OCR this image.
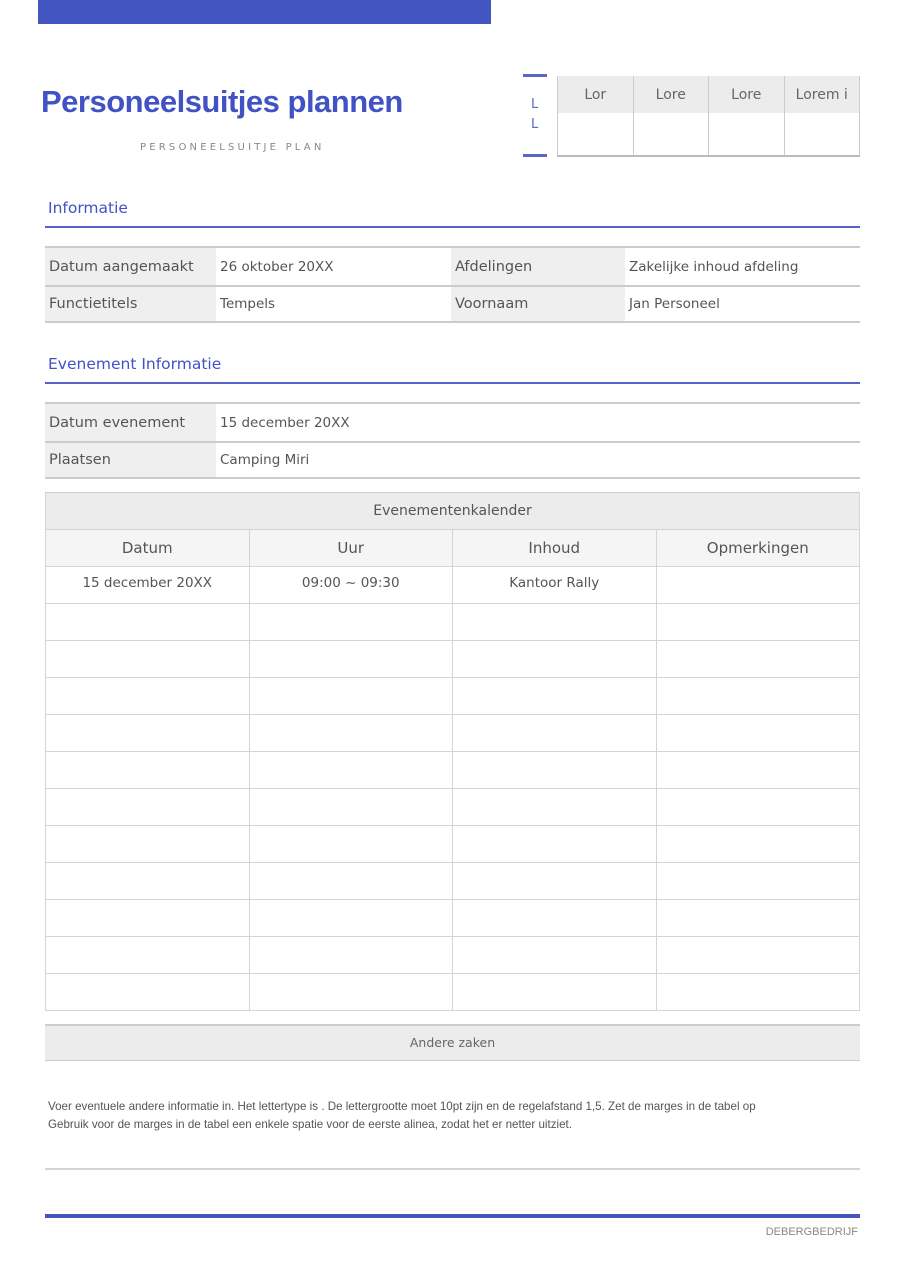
Personeelsuitjes plannen
PERSONEELSUITJE PLAN
L
L
Lor	Lore	Lore	Lorem i

Informatie
Datum aangemaakt	26 oktober 20XX	Afdelingen	Zakelijke inhoud afdeling
Functietitels	Tempels	Voornaam	Jan Personeel
Evenement Informatie
Datum evenement	15 december 20XX
Plaatsen	Camping Miri
Evenementenkalender			
Datum	Uur	Inhoud	Opmerkingen
15 december 20XX	09:00 ~ 09:30	Kantoor Rally	

Andere zaken
Voer eventuele andere informatie in. Het lettertype is . De lettergrootte moet 10pt zijn en de regelafstand 1,5. Zet de marges in de tabel op
Gebruik voor de marges in de tabel een enkele spatie voor de eerste alinea, zodat het er netter uitziet.
DEBERGBEDRIJF
